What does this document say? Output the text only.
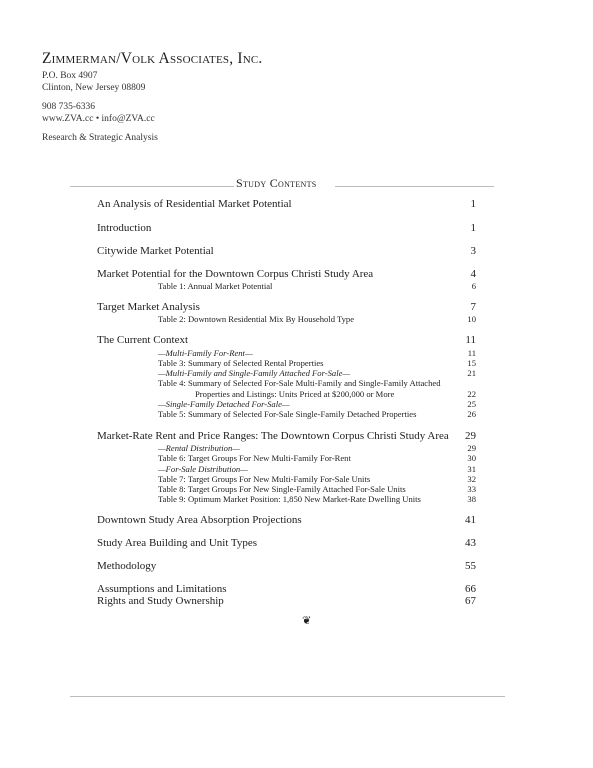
Zimmerman/Volk Associates, Inc.
P.O. Box 4907
Clinton, New Jersey 08809
908 735-6336
www.ZVA.cc • info@ZVA.cc
Research & Strategic Analysis
Study Contents
An Analysis of Residential Market Potential	1
Introduction	1
Citywide Market Potential	3
Market Potential for the Downtown Corpus Christi Study Area	4
Table 1: Annual Market Potential	6
Target Market Analysis	7
Table 2: Downtown Residential Mix By Household Type	10
The Current Context	11
—Multi-Family For-Rent—	11
Table 3: Summary of Selected Rental Properties	15
—Multi-Family and Single-Family Attached For-Sale—	21
Table 4: Summary of Selected For-Sale Multi-Family and Single-Family Attached
Properties and Listings: Units Priced at $200,000 or More	22
—Single-Family Detached For-Sale—	25
Table 5: Summary of Selected For-Sale Single-Family Detached Properties	26
Market-Rate Rent and Price Ranges: The Downtown Corpus Christi Study Area 29
—Rental Distribution—	29
Table 6: Target Groups For New Multi-Family For-Rent	30
—For-Sale Distribution—	31
Table 7: Target Groups For New Multi-Family For-Sale Units	32
Table 8: Target Groups For New Single-Family Attached For-Sale Units	33
Table 9: Optimum Market Position: 1,850 New Market-Rate Dwelling Units	38
Downtown Study Area Absorption Projections	41
Study Area Building and Unit Types	43
Methodology	55
Assumptions and Limitations	66
Rights and Study Ownership	67
❦
